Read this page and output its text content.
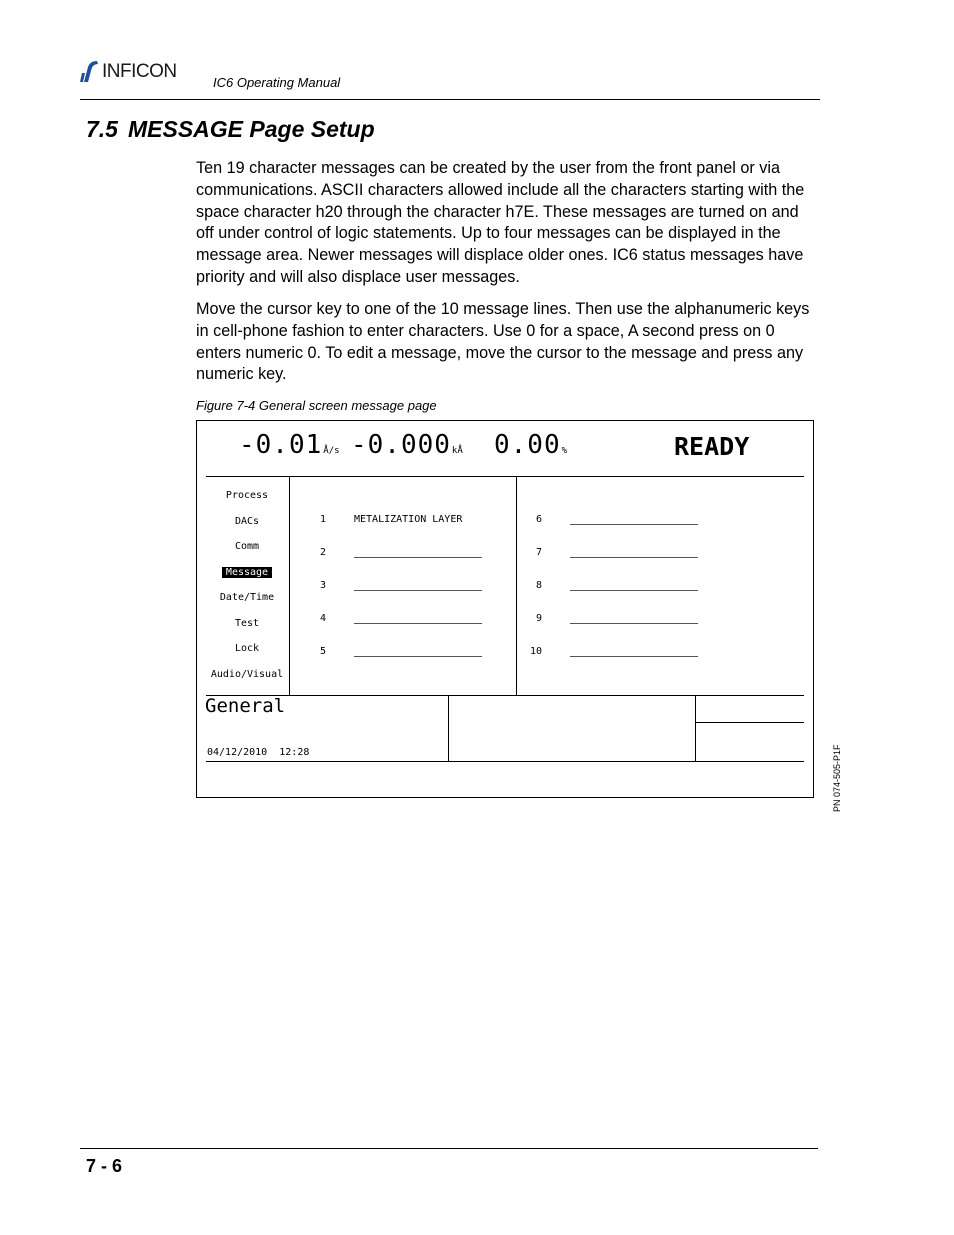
INFICON
IC6 Operating Manual
7.5 MESSAGE Page Setup
Ten 19 character messages can be created by the user from the front panel or via communications. ASCII characters allowed include all the characters starting with the space character h20 through the character h7E. These messages are turned on and off under control of logic statements. Up to four messages can be displayed in the message area. Newer messages will displace older ones. IC6 status messages have priority and will also displace user messages.
Move the cursor key to one of the 10 message lines. Then use the alphanumeric keys in cell-phone fashion to enter characters. Use 0 for a space, A second press on 0 enters numeric 0. To edit a message, move the cursor to the message and press any numeric key.
Figure 7-4 General screen message page
-0.01Å/s -0.000kÅ 0.00%	READY
Process
DACs
Comm
Message
Date/Time
Test
Lock
Audio/Visual
1	METALIZATION LAYER
2
3
4
5
6
7
8
9
10
General
04/12/2010 12:28	PN 074-505-P1F
7 - 6
